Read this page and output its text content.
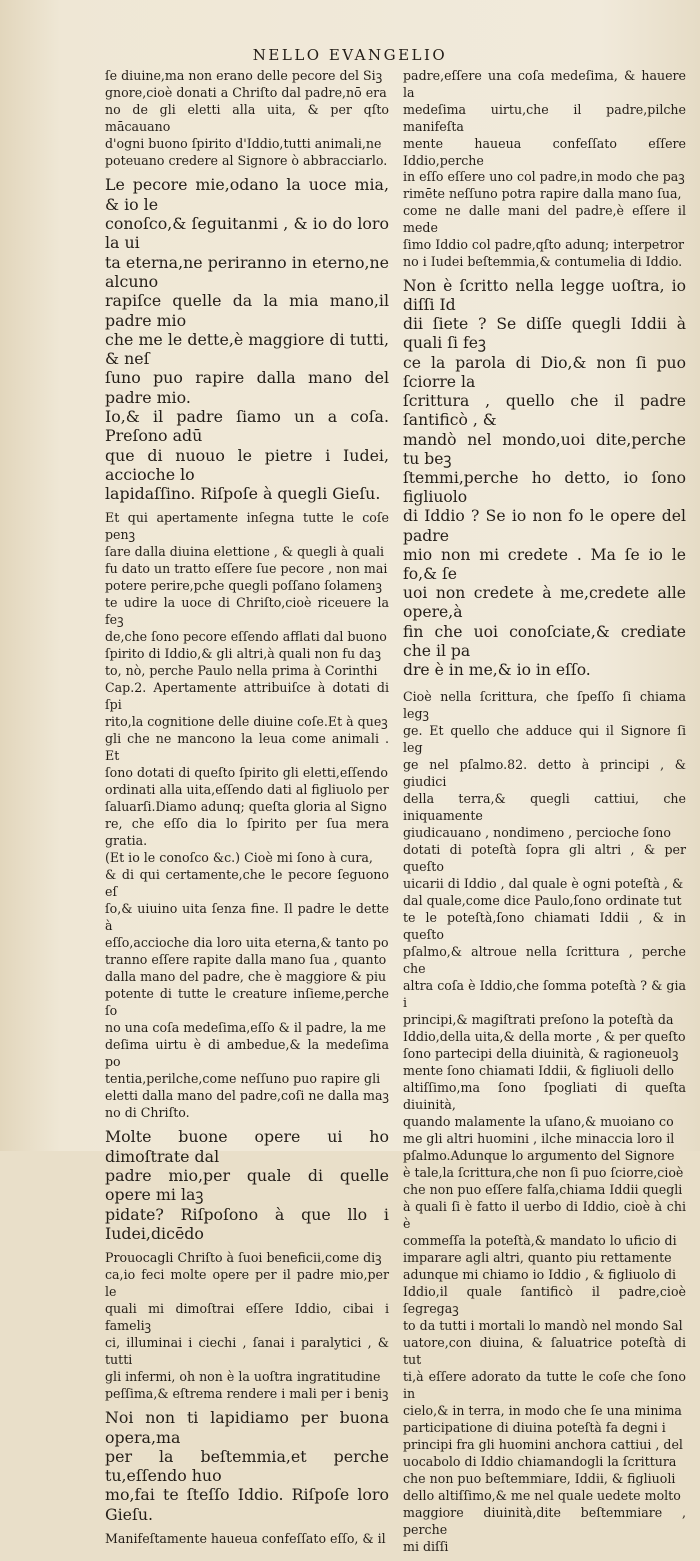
NELLO EVANGELIO

ſe diuine,ma non erano delle pecore del Siꝫ
gnore,cioè donati a Chriſto dal padre,nō era
no de gli eletti alla uita, & per qſto mācauano
d'ogni buono ſpirito d'Iddio,tutti animali,ne
poteuano credere al Signore ò abbracciarlo.

Le pecore mie,odano la uoce mia, & io le
conoſco,& ſeguitanmi , & io do loro la ui
ta eterna,ne periranno in eterno,ne alcuno
rapiſce quelle da la mia mano,il padre mio
che me le dette,è maggiore di tutti, & neſ
ſuno puo rapire dalla mano del padre mio.
Io,& il padre ſiamo un a coſa. Preſono adū
que di nuouo le pietre i Iudei, accioche lo
lapidaſſino. Riſpoſe à quegli Gieſu.

Et qui apertamente inſegna tutte le coſe penꝫ
ſare dalla diuina elettione , & quegli à quali
fu dato un tratto eſſere ſue pecore , non mai
potere perire,pche quegli poſſano ſolamenꝫ
te udire la uoce di Chriſto,cioè riceuere la feꝫ
de,che ſono pecore eſſendo afflati dal buono
ſpirito di Iddio,& gli altri,à quali non fu daꝫ
to, nò, perche Paulo nella prima à Corinthi
Cap.2. Apertamente attribuiſce à dotati di ſpi
rito,la cognitione delle diuine coſe.Et à queꝫ
gli che ne mancono la leua come animali . Et
ſono dotati di queſto ſpirito gli eletti,eſſendo
ordinati alla uita,eſſendo dati al figliuolo per
ſaluarſi.Diamo adunq; queſta gloria al Signo
re, che eſſo dia lo ſpirito per ſua mera gratia.
(Et io le conoſco &c.) Cioè mi ſono à cura,
& di qui certamente,che le pecore ſeguono eſ
ſo,& uiuino uita ſenza fine. Il padre le dette à
eſſo,accioche dia loro uita eterna,& tanto po
tranno eſſere rapite dalla mano ſua , quanto
dalla mano del padre, che è maggiore & piu
potente di tutte le creature inſieme,perche ſo
no una coſa medeſima,eſſo & il padre, la me
deſima uirtu è di ambedue,& la medeſima po
tentia,perilche,come neſſuno puo rapire gli
eletti dalla mano del padre,coſi ne dalla maꝫ
no di Chriſto.

Molte buone opere ui ho dimoſtrate dal
padre mio,per quale di quelle opere mi laꝫ
pidate? Riſpoſono à que llo i Iudei,dicēdo

Prouocagli Chriſto à ſuoi beneficii,come diꝫ
ca,io feci molte opere per il padre mio,per le
quali mi dimoſtrai eſſere Iddio, cibai i fameliꝫ
ci, illuminai i ciechi , ſanai i paralytici , & tutti
gli infermi, oh non è la uoſtra ingratitudine
peſſima,& eſtrema rendere i mali per i beniꝫ

Noi non ti lapidiamo per buona opera,ma
per la beſtemmia,et perche tu,eſſendo huo
mo,fai te ſteſſo Iddio. Riſpoſe loro Gieſu.

Manifeſtamente haueua confeſſato eſſo, & il

padre,eſſere una coſa medeſima, & hauere la
medeſima uirtu,che il padre,pilche manifeſta
mente haueua confeſſato eſſere Iddio,perche
in eſſo eſſere uno col padre,in modo che paꝫ
rimēte neſſuno potra rapire dalla mano ſua,
come ne dalle mani del padre,è eſſere il mede
ſimo Iddio col padre,qſto adunq; interpetror
no i Iudei beſtemmia,& contumelia di Iddio.

Non è ſcritto nella legge uoſtra, io diſſi Id
dii ſiete ? Se diſſe quegli Iddii à quali ſi feꝫ
ce la parola di Dio,& non ſi puo ſciorre la
ſcrittura , quello che il padre ſantificò , &
mandò nel mondo,uoi dite,perche tu beꝫ
ſtemmi,perche ho detto, io ſono figliuolo
di Iddio ? Se io non fo le opere del padre
mio non mi credete . Ma ſe io le fo,& ſe
uoi non credete à me,credete alle opere,à
fin che uoi conoſciate,& crediate che il pa
dre è in me,& io in eſſo.

Cioè nella ſcrittura, che ſpeſſo ſi chiama legꝫ
ge. Et quello che adduce qui il Signore ſi leg
ge nel pſalmo.82. detto à principi , & giudici
della terra,& quegli cattiui, che iniquamente
giudicauano , nondimeno , percioche ſono
dotati di poteſtà ſopra gli altri , & per queſto
uicarii di Iddio , dal quale è ogni poteſtà , &
dal quale,come dice Paulo,ſono ordinate tut
te le poteſtà,ſono chiamati Iddii , & in queſto
pſalmo,& altroue nella ſcrittura , perche che
altra coſa è Iddio,che ſomma poteſtà ? & gia i
principi,& magiſtrati preſono la poteſtà da
Iddio,della uita,& della morte , & per queſto
ſono partecipi della diuinità, & ragioneuolꝫ
mente ſono chiamati Iddii, & figliuoli dello
altiſſimo,ma ſono ſpogliati di queſta diuinità,
quando malamente la uſano,& muoiano co
me gli altri huomini , ilche minaccia loro il
pſalmo.Adunque lo argumento del Signore
è tale,la ſcrittura,che non ſi puo ſciorre,cioè
che non puo eſſere falſa,chiama Iddii quegli
à quali ſi è fatto il uerbo di Iddio, cioè à chi è
commeſſa la poteſtà,& mandato lo uficio di
imparare agli altri, quanto piu rettamente
adunque mi chiamo io Iddio , & figliuolo di
Iddio,il quale ſantificò il padre,cioè ſegregaꝫ
to da tutti i mortali lo mandò nel mondo Sal
uatore,con diuina, & ſaluatrice poteſtà di tut
ti,à eſſere adorato da tutte le coſe che ſono in
cielo,& in terra, in modo che ſe una minima
participatione di diuina poteſtà fa degni i
principi fra gli huomini anchora cattiui , del
uocabolo di Iddio chiamandogli la ſcrittura
che non puo beſtemmiare, Iddii, & figliuoli
dello altiſſimo,& me nel quale uedete molto
maggiore diuinità,dite beſtemmiare , perche
mi diſſi
